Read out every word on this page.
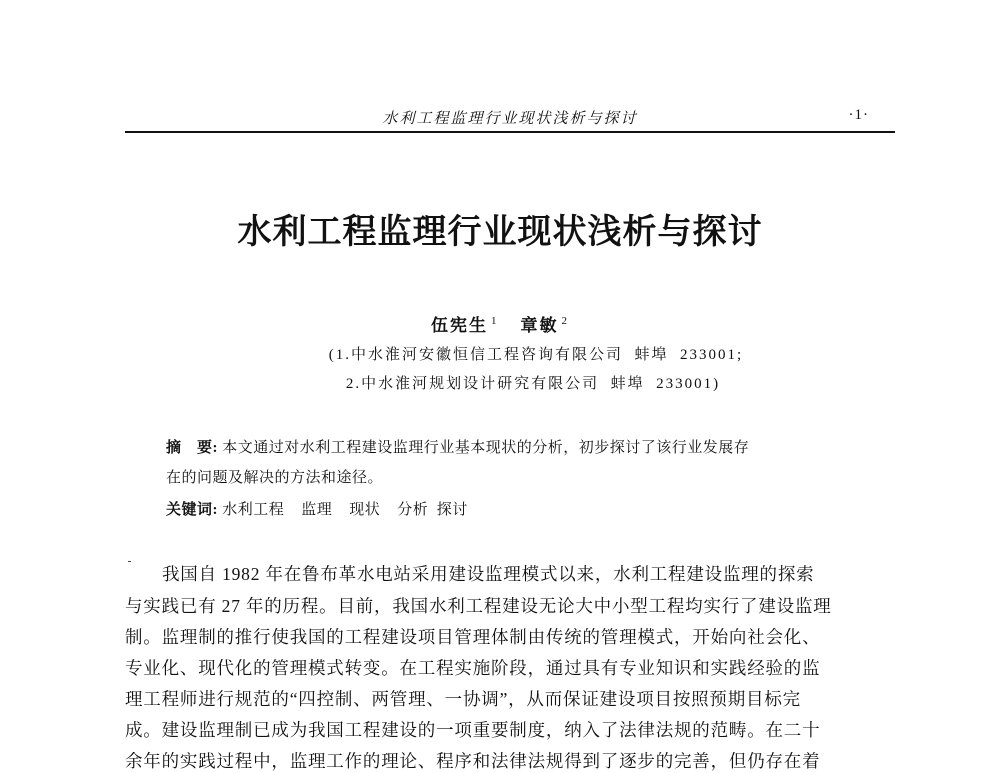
水利工程监理行业现状浅析与探讨	·1·
水利工程监理行业现状浅析与探讨
伍宪生 $^1$ 章敏 $^2$
(1.中水淮河安徽恒信工程咨询有限公司  蚌埠  233001;
2.中水淮河规划设计研究有限公司  蚌埠  233001)
摘　要: 本文通过对水利工程建设监理行业基本现状的分析，初步探讨了该行业发展存
在的问题及解决的方法和途径。
关键词: 水利工程    监理    现状    分析  探讨
我国自 1982 年在鲁布革水电站采用建设监理模式以来，水利工程建设监理的探索
与实践已有 27 年的历程。目前，我国水利工程建设无论大中小型工程均实行了建设监理
制。监理制的推行使我国的工程建设项目管理体制由传统的管理模式，开始向社会化、
专业化、现代化的管理模式转变。在工程实施阶段，通过具有专业知识和实践经验的监
理工程师进行规范的“四控制、两管理、一协调”，从而保证建设项目按照预期目标完
成。建设监理制已成为我国工程建设的一项重要制度，纳入了法律法规的范畴。在二十
余年的实践过程中，监理工作的理论、程序和法律法规得到了逐步的完善，但仍存在着
